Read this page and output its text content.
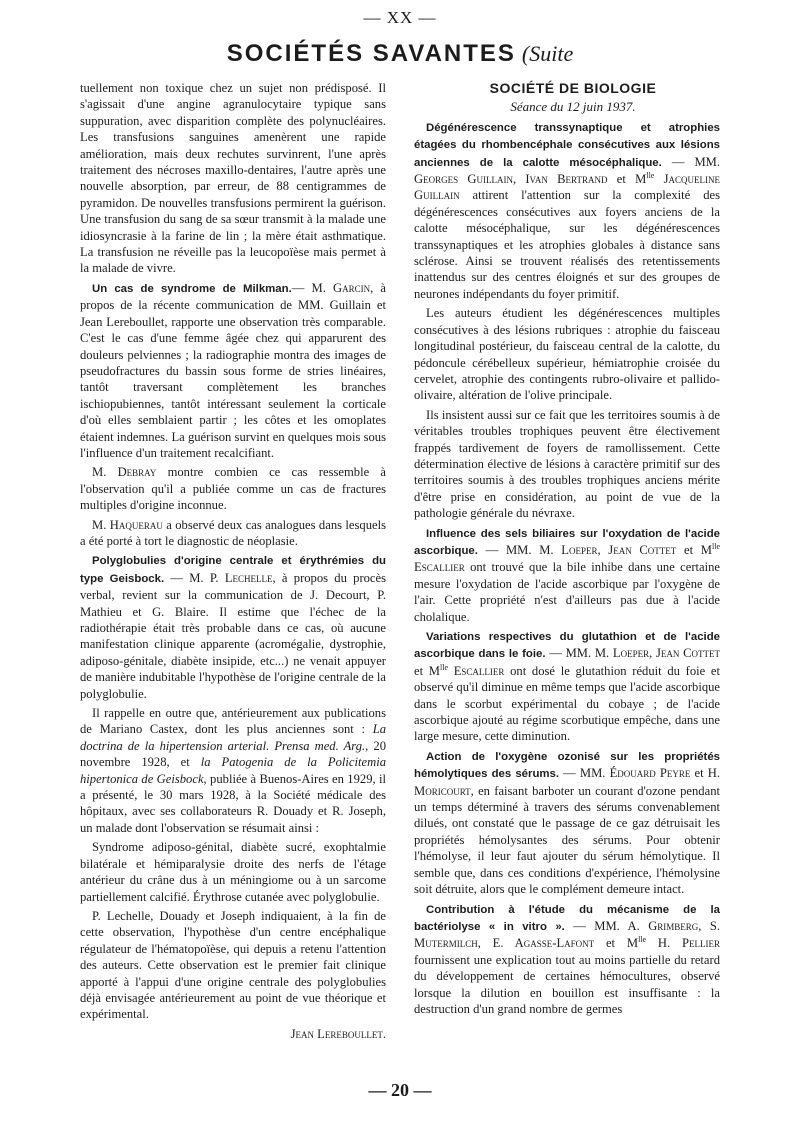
— XX —
SOCIÉTÉS SAVANTES (Suite

tuellement non toxique chez un sujet non prédisposé. Il s'agissait d'une angine agranulocytaire typique sans suppuration, avec disparition complète des polynucléaires. Les transfusions sanguines amenèrent une rapide amélioration, mais deux rechutes survinrent, l'une après traitement des nécroses maxillo-dentaires, l'autre après une nouvelle absorption, par erreur, de 88 centigrammes de pyramidon. De nouvelles transfusions permirent la guérison. Une transfusion du sang de sa sœur transmit à la malade une idiosyncrasie à la farine de lin ; la mère était asthmatique. La transfusion ne réveille pas la leucopoïèse mais permet à la malade de vivre.

Un cas de syndrome de Milkman.— M. Garcin, à propos de la récente communication de MM. Guillain et Jean Lereboullet, rapporte une observation très comparable. C'est le cas d'une femme âgée chez qui apparurent des douleurs pelviennes ; la radiographie montra des images de pseudofractures du bassin sous forme de stries linéaires, tantôt traversant complètement les branches ischiopubiennes, tantôt intéressant seulement la corticale d'où elles semblaient partir ; les côtes et les omoplates étaient indemnes. La guérison survint en quelques mois sous l'influence d'un traitement recalcifiant.

M. Debray montre combien ce cas ressemble à l'observation qu'il a publiée comme un cas de fractures multiples d'origine inconnue.

M. Haquerau a observé deux cas analogues dans lesquels a été porté à tort le diagnostic de néoplasie.

Polyglobulies d'origine centrale et érythrémies du type Geisbock. — M. P. Lechelle, à propos du procès verbal, revient sur la communication de J. Decourt, P. Mathieu et G. Blaire. Il estime que l'échec de la radiothérapie était très probable dans ce cas, où aucune manifestation clinique apparente (acromégalie, dystrophie, adiposo-génitale, diabète insipide, etc...) ne venait appuyer de manière indubitable l'hypothèse de l'origine centrale de la polyglobulie.

Il rappelle en outre que, antérieurement aux publications de Mariano Castex, dont les plus anciennes sont : La doctrina de la hipertension arterial. Prensa med. Arg., 20 novembre 1928, et la Patogenia de la Policitemia hipertonica de Geisbock, publiée à Buenos-Aires en 1929, il a présenté, le 30 mars 1928, à la Société médicale des hôpitaux, avec ses collaborateurs R. Douady et R. Joseph, un malade dont l'observation se résumait ainsi :

Syndrome adiposo-génital, diabète sucré, exophtalmie bilatérale et hémiparalysie droite des nerfs de l'étage antérieur du crâne dus à un méningiome ou à un sarcome partiellement calcifié. Érythrose cutanée avec polyglobulie.

P. Lechelle, Douady et Joseph indiquaient, à la fin de cette observation, l'hypothèse d'un centre encéphalique régulateur de l'hématopoïèse, qui depuis a retenu l'attention des auteurs. Cette observation est le premier fait clinique apporté à l'appui d'une origine centrale des polyglobulies déjà envisagée antérieurement au point de vue théorique et expérimental.

Jean Lereboullet.

SOCIÉTÉ DE BIOLOGIE

Séance du 12 juin 1937.

Dégénérescence transsynaptique et atrophies étagées du rhombencéphale consécutives aux lésions anciennes de la calotte mésocéphalique. — MM. Georges Guillain, Ivan Bertrand et $M^{lle}$ Jacqueline Guillain attirent l'attention sur la complexité des dégénérescences consécutives aux foyers anciens de la calotte mésocéphalique, sur les dégénérescences transsynaptiques et les atrophies globales à distance sans sclérose. Ainsi se trouvent réalisés des retentissements inattendus sur des centres éloignés et sur des groupes de neurones indépendants du foyer primitif.

Les auteurs étudient les dégénérescences multiples consécutives à des lésions rubriques : atrophie du faisceau longitudinal postérieur, du faisceau central de la calotte, du pédoncule cérébelleux supérieur, hémiatrophie croisée du cervelet, atrophie des contingents rubro-olivaire et pallido-olivaire, altération de l'olive principale.

Ils insistent aussi sur ce fait que les territoires soumis à de véritables troubles trophiques peuvent être électivement frappés tardivement de foyers de ramollissement. Cette détermination élective de lésions à caractère primitif sur des territoires soumis à des troubles trophiques anciens mérite d'être prise en considération, au point de vue de la pathologie générale du névraxe.

Influence des sels biliaires sur l'oxydation de l'acide ascorbique. — MM. M. Loeper, Jean Cottet et $M^{lle}$ Escallier ont trouvé que la bile inhibe dans une certaine mesure l'oxydation de l'acide ascorbique par l'oxygène de l'air. Cette propriété n'est d'ailleurs pas due à l'acide cholalique.

Variations respectives du glutathion et de l'acide ascorbique dans le foie. — MM. M. Loeper, Jean Cottet et $M^{lle}$ Escallier ont dosé le glutathion réduit du foie et observé qu'il diminue en même temps que l'acide ascorbique dans le scorbut expérimental du cobaye ; de l'acide ascorbique ajouté au régime scorbutique empêche, dans une large mesure, cette diminution.

Action de l'oxygène ozonisé sur les propriétés hémolytiques des sérums. — MM. Édouard Peyre et H. Moricourt, en faisant barboter un courant d'ozone pendant un temps déterminé à travers des sérums convenablement dilués, ont constaté que le passage de ce gaz détruisait les propriétés hémolysantes des sérums. Pour obtenir l'hémolyse, il leur faut ajouter du sérum hémolytique. Il semble que, dans ces conditions d'expérience, l'hémolysine soit détruite, alors que le complément demeure intact.

Contribution à l'étude du mécanisme de la bactériolyse « in vitro ». — MM. A. Grimberg, S. Mutermilch, E. Agasse-Lafont et $M^{lle}$ H. Pellier fournissent une explication tout au moins partielle du retard du développement de certaines hémocultures, observé lorsque la dilution en bouillon est insuffisante : la destruction d'un grand nombre de germes

— 20 —
